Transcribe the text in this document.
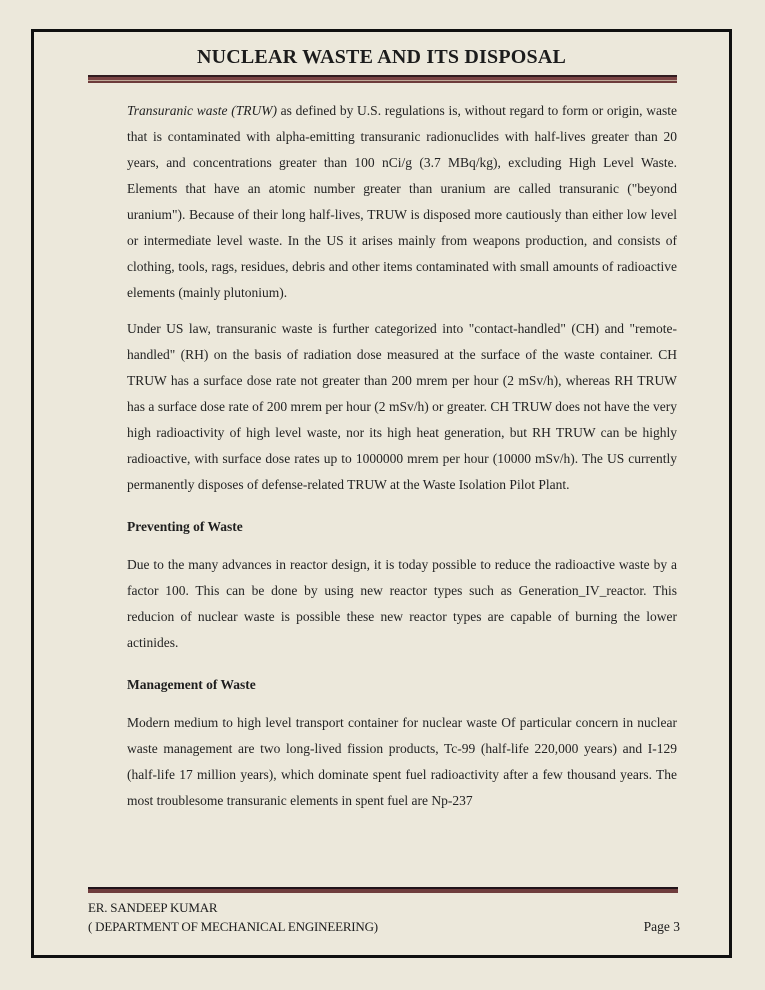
NUCLEAR WASTE AND ITS DISPOSAL

Transuranic waste (TRUW) as defined by U.S. regulations is, without regard to form or origin, waste that is contaminated with alpha-emitting transuranic radionuclides with half-lives greater than 20 years, and concentrations greater than 100 nCi/g (3.7 MBq/kg), excluding High Level Waste. Elements that have an atomic number greater than uranium are called transuranic ("beyond uranium"). Because of their long half-lives, TRUW is disposed more cautiously than either low level or intermediate level waste. In the US it arises mainly from weapons production, and consists of clothing, tools, rags, residues, debris and other items contaminated with small amounts of radioactive elements (mainly plutonium).

Under US law, transuranic waste is further categorized into "contact-handled" (CH) and "remote-handled" (RH) on the basis of radiation dose measured at the surface of the waste container. CH TRUW has a surface dose rate not greater than 200 mrem per hour (2 mSv/h), whereas RH TRUW has a surface dose rate of 200 mrem per hour (2 mSv/h) or greater. CH TRUW does not have the very high radioactivity of high level waste, nor its high heat generation, but RH TRUW can be highly radioactive, with surface dose rates up to 1000000 mrem per hour (10000 mSv/h). The US currently permanently disposes of defense-related TRUW at the Waste Isolation Pilot Plant.

Preventing of Waste

Due to the many advances in reactor design, it is today possible to reduce the radioactive waste by a factor 100. This can be done by using new reactor types such as Generation_IV_reactor. This reducion of nuclear waste is possible these new reactor types are capable of burning the lower actinides.

Management of Waste

Modern medium to high level transport container for nuclear waste Of particular concern in nuclear waste management are two long-lived fission products, Tc-99 (half-life 220,000 years) and I-129 (half-life 17 million years), which dominate spent fuel radioactivity after a few thousand years. The most troublesome transuranic elements in spent fuel are Np-237

ER. SANDEEP KUMAR
( DEPARTMENT OF MECHANICAL ENGINEERING)	Page 3
